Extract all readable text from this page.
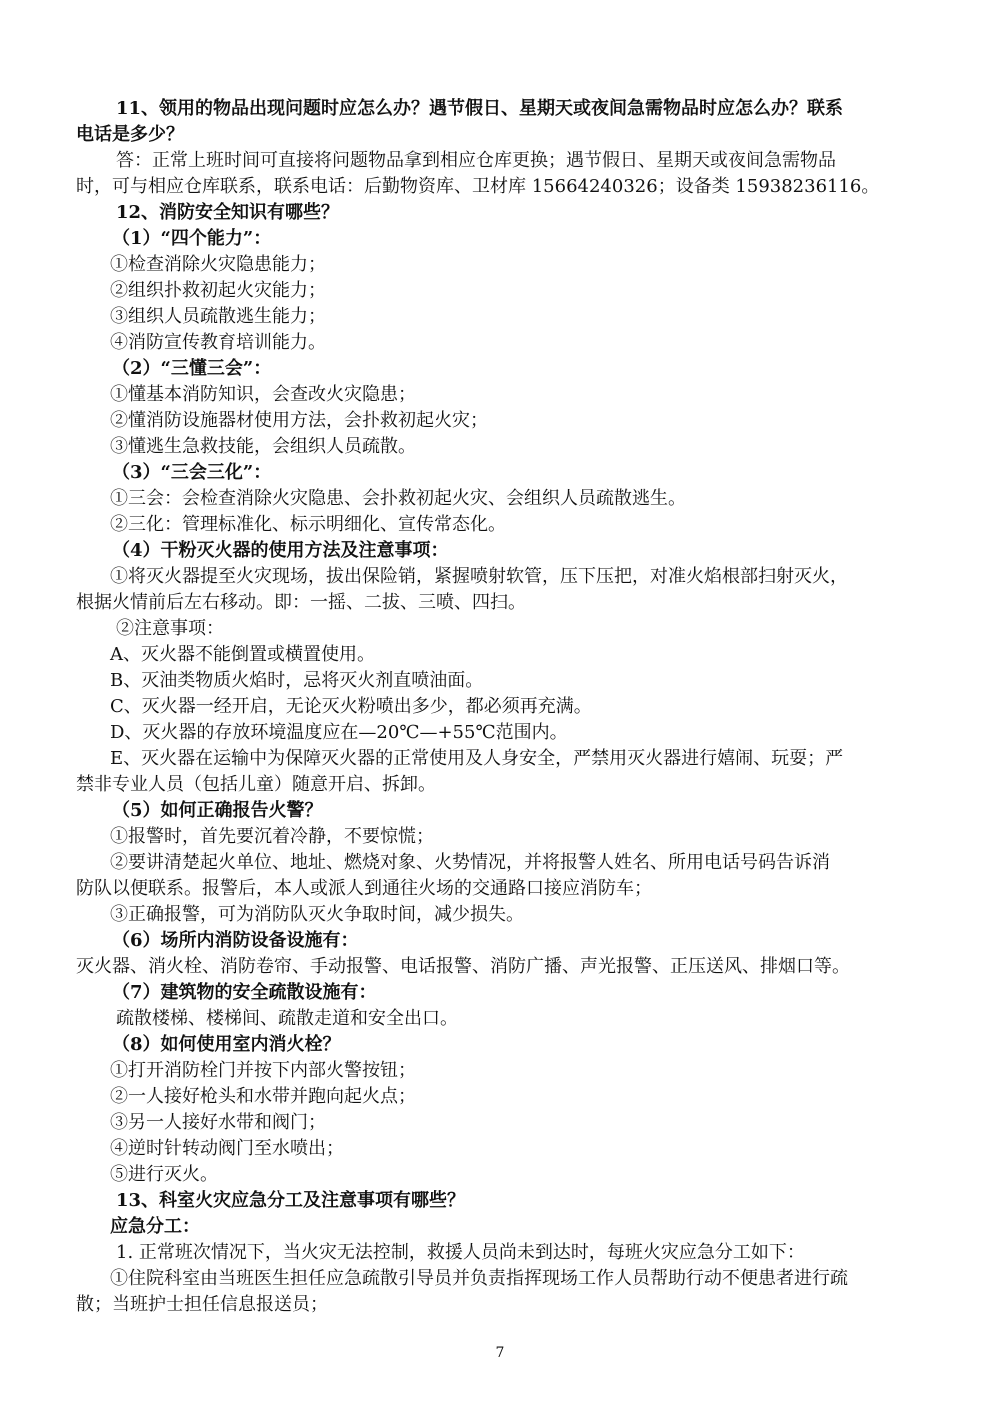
11、领用的物品出现问题时应怎么办？遇节假日、星期天或夜间急需物品时应怎么办？联系
电话是多少？
答：正常上班时间可直接将问题物品拿到相应仓库更换；遇节假日、星期天或夜间急需物品
时，可与相应仓库联系，联系电话：后勤物资库、卫材库 15664240326；设备类 15938236116。
12、消防安全知识有哪些？
（1）“四个能力”：
①检查消除火灾隐患能力；
②组织扑救初起火灾能力；
③组织人员疏散逃生能力；
④消防宣传教育培训能力。
（2）“三懂三会”：
①懂基本消防知识，会查改火灾隐患；
②懂消防设施器材使用方法，会扑救初起火灾；
③懂逃生急救技能，会组织人员疏散。
（3）“三会三化”：
①三会：会检查消除火灾隐患、会扑救初起火灾、会组织人员疏散逃生。
②三化：管理标准化、标示明细化、宣传常态化。
（4）干粉灭火器的使用方法及注意事项：
①将灭火器提至火灾现场，拔出保险销，紧握喷射软管，压下压把，对准火焰根部扫射灭火，
根据火情前后左右移动。即：一摇、二拔、三喷、四扫。
②注意事项：
A、灭火器不能倒置或横置使用。
B、灭油类物质火焰时，忌将灭火剂直喷油面。
C、灭火器一经开启，无论灭火粉喷出多少，都必须再充满。
D、灭火器的存放环境温度应在—20℃—+55℃范围内。
E、灭火器在运输中为保障灭火器的正常使用及人身安全，严禁用灭火器进行嬉闹、玩耍；严
禁非专业人员（包括儿童）随意开启、拆卸。
（5）如何正确报告火警？
①报警时，首先要沉着冷静，不要惊慌；
②要讲清楚起火单位、地址、燃烧对象、火势情况，并将报警人姓名、所用电话号码告诉消
防队以便联系。报警后，本人或派人到通往火场的交通路口接应消防车；
③正确报警，可为消防队灭火争取时间，减少损失。
（6）场所内消防设备设施有：
灭火器、消火栓、消防卷帘、手动报警、电话报警、消防广播、声光报警、正压送风、排烟口等。
（7）建筑物的安全疏散设施有：
疏散楼梯、楼梯间、疏散走道和安全出口。
（8）如何使用室内消火栓？
①打开消防栓门并按下内部火警按钮；
②一人接好枪头和水带并跑向起火点；
③另一人接好水带和阀门；
④逆时针转动阀门至水喷出；
⑤进行灭火。
13、科室火灾应急分工及注意事项有哪些？
应急分工：
1. 正常班次情况下，当火灾无法控制，救援人员尚未到达时，每班火灾应急分工如下：
①住院科室由当班医生担任应急疏散引导员并负责指挥现场工作人员帮助行动不便患者进行疏
散；当班护士担任信息报送员；
7
